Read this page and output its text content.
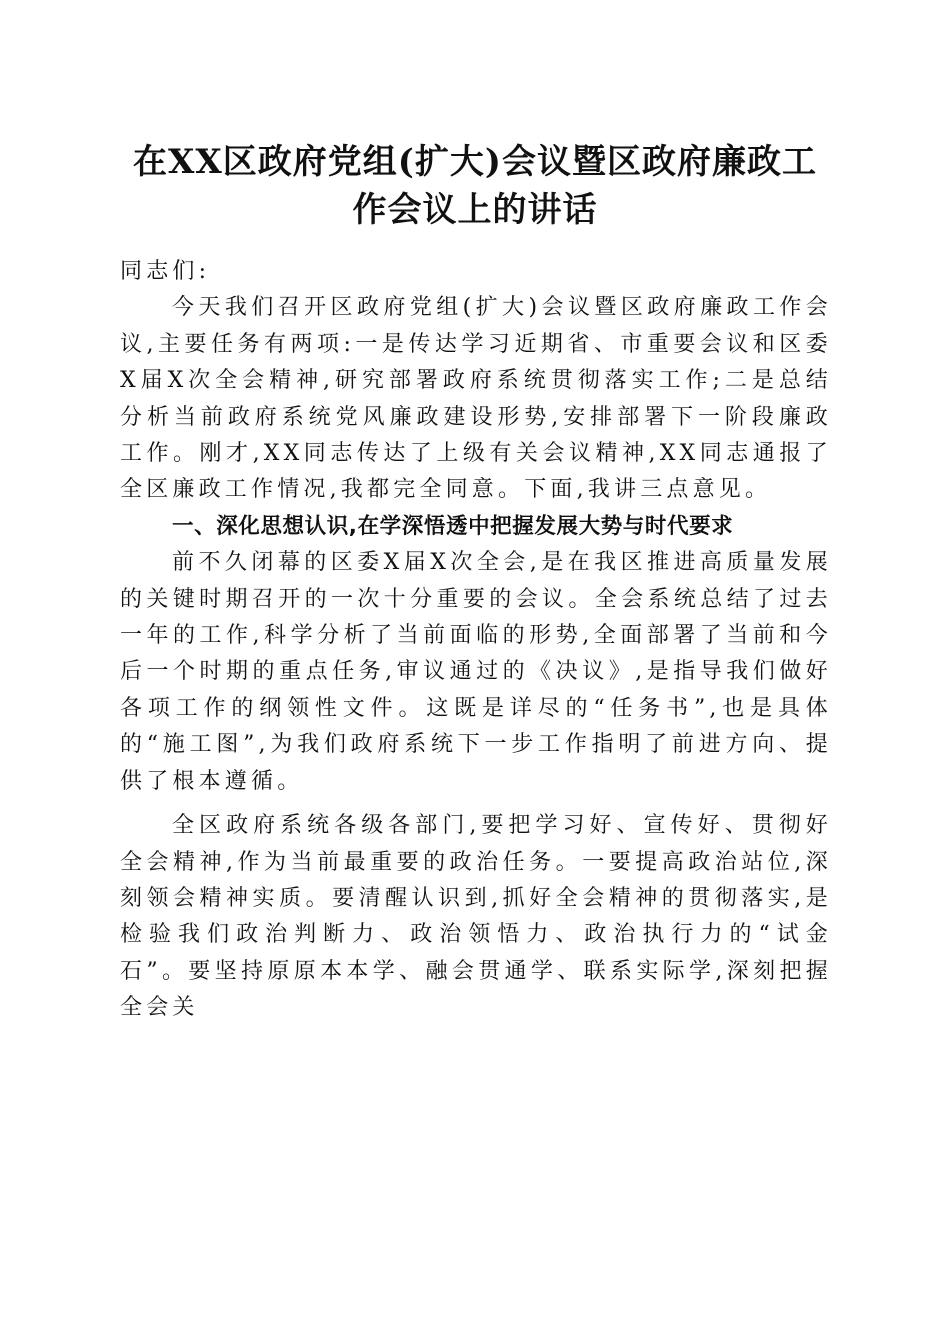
在XX区政府党组(扩大)会议暨区政府廉政工
作会议上的讲话

同志们:

今天我们召开区政府党组(扩大)会议暨区政府廉政工作会议,主要任务有两项:一是传达学习近期省、市重要会议和区委X届X次全会精神,研究部署政府系统贯彻落实工作;二是总结分析当前政府系统党风廉政建设形势,安排部署下一阶段廉政工作。刚才,XX同志传达了上级有关会议精神,XX同志通报了全区廉政工作情况,我都完全同意。下面,我讲三点意见。

一、深化思想认识,在学深悟透中把握发展大势与时代要求

前不久闭幕的区委X届X次全会,是在我区推进高质量发展的关键时期召开的一次十分重要的会议。全会系统总结了过去一年的工作,科学分析了当前面临的形势,全面部署了当前和今后一个时期的重点任务,审议通过的《决议》,是指导我们做好各项工作的纲领性文件。这既是详尽的“任务书”,也是具体的“施工图”,为我们政府系统下一步工作指明了前进方向、提供了根本遵循。

全区政府系统各级各部门,要把学习好、宣传好、贯彻好全会精神,作为当前最重要的政治任务。一要提高政治站位,深刻领会精神实质。要清醒认识到,抓好全会精神的贯彻落实,是检验我们政治判断力、政治领悟力、政治执行力的“试金石”。要坚持原原本本学、融会贯通学、联系实际学,深刻把握全会关
